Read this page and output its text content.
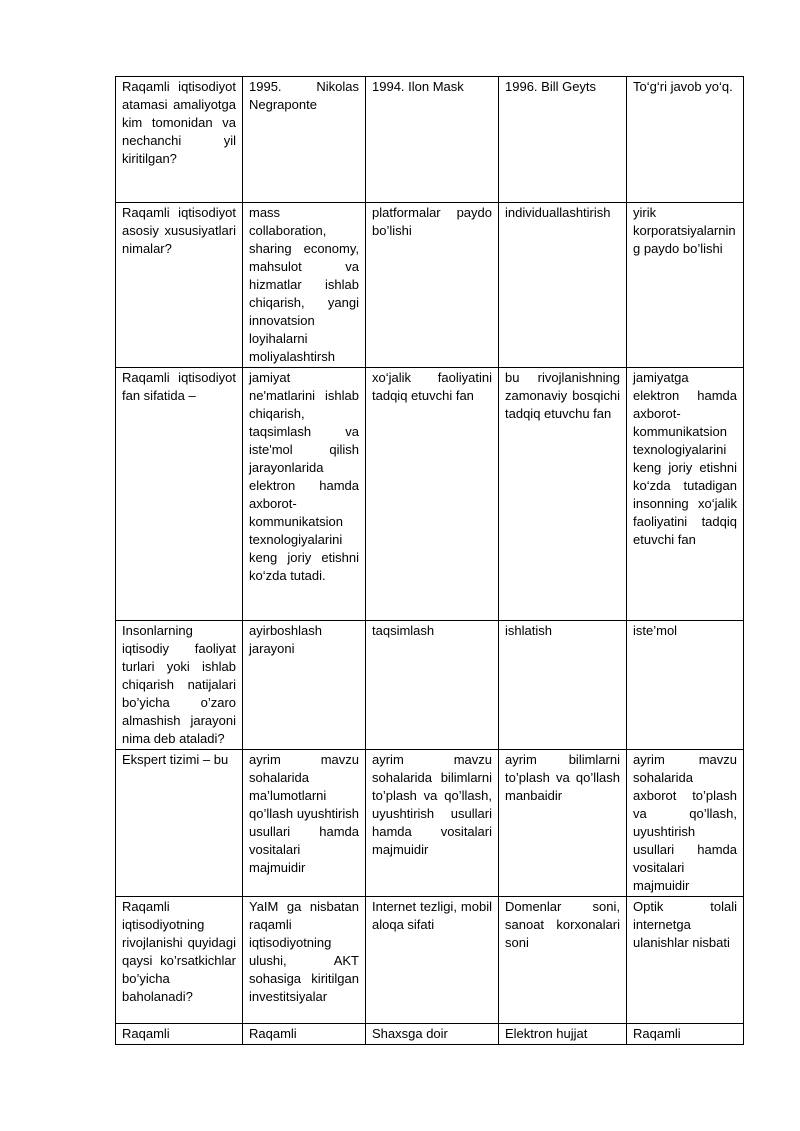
Raqamli iqtisodiyot atamasi amaliyotga kim tomonidan va nechanchi yil kiritilgan?	1995. Nikolas Negraponte	1994. Ilon Mask	1996. Bill Geyts	To‘g‘ri javob yo‘q.
Raqamli iqtisodiyot asosiy xususiyatlari nimalar?	mass collaboration, sharing economy, mahsulot va hizmatlar ishlab chiqarish, yangi innovatsion loyihalarni moliyalashtirsh	platformalar paydo bo’lishi	individuallashtirish	yirik korporatsiyalarning paydo bo’lishi
Raqamli iqtisodiyot fan sifatida –	jamiyat ne'matlarini ishlab chiqarish, taqsimlash va iste'mol qilish jarayonlarida elektron hamda axborot-kommunikatsion texnologiyalarini keng joriy etishni ko‘zda tutadi.	xo‘jalik faoliyatini tadqiq etuvchi fan	bu rivojlanishning zamonaviy bosqichi tadqiq etuvchu fan	jamiyatga elektron hamda axborot-kommunikatsion texnologiyalarini keng joriy etishni ko‘zda tutadigan insonning xo‘jalik faoliyatini tadqiq etuvchi fan
Insonlarning iqtisodiy faoliyat turlari yoki ishlab chiqarish natijalari bo’yicha o’zaro almashish jarayoni nima deb ataladi?	ayirboshlash jarayoni	taqsimlash	ishlatish	iste’mol
Ekspert tizimi – bu	ayrim mavzu sohalarida ma’lumotlarni qo’llash uyushtirish usullari hamda vositalari majmuidir	ayrim mavzu sohalarida bilimlarni to’plash va qo’llash, uyushtirish usullari hamda vositalari majmuidir	ayrim bilimlarni to’plash va qo’llash manbaidir	ayrim mavzu sohalarida axborot to’plash va qo’llash, uyushtirish usullari hamda vositalari majmuidir
Raqamli iqtisodiyotning rivojlanishi quyidagi qaysi ko’rsatkichlar bo’yicha baholanadi?	YaIM ga nisbatan raqamli iqtisodiyotning ulushi, AKT sohasiga kiritilgan investitsiyalar	Internet tezligi, mobil aloqa sifati	Domenlar soni, sanoat korxonalari soni	Optik tolali internetga ulanishlar nisbati
Raqamli	Raqamli	Shaxsga doir	Elektron hujjat	Raqamli
